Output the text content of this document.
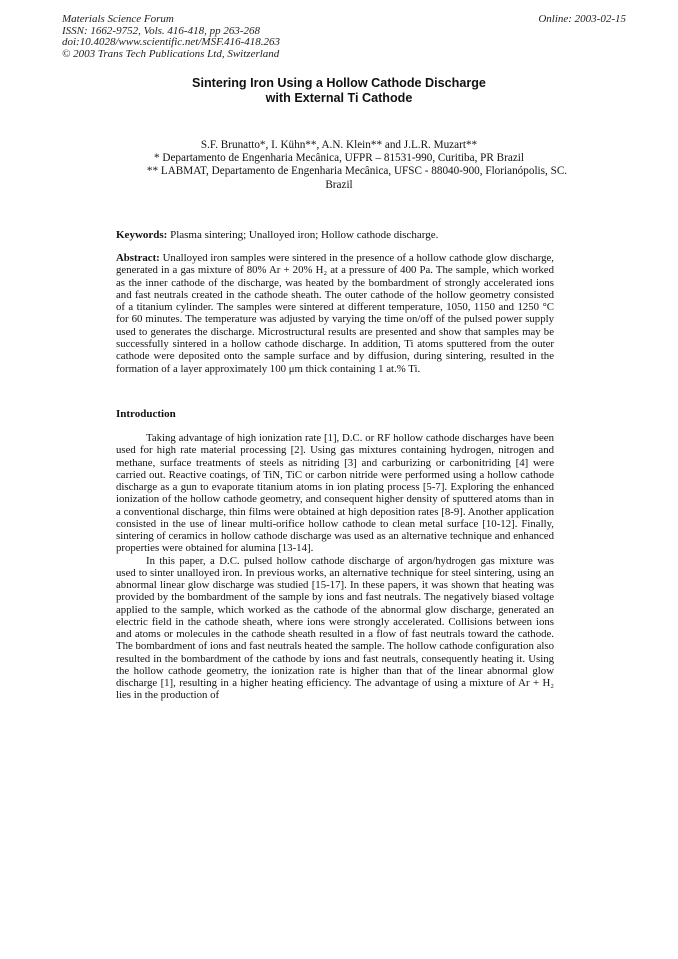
Materials Science Forum
ISSN: 1662-9752, Vols. 416-418, pp 263-268
doi:10.4028/www.scientific.net/MSF.416-418.263
© 2003 Trans Tech Publications Ltd, Switzerland
Online: 2003-02-15
Sintering Iron Using a Hollow Cathode Discharge
with External Ti Cathode
S.F. Brunatto*, I. Kühn**, A.N. Klein** and J.L.R. Muzart**
* Departamento de Engenharia Mecânica, UFPR – 81531-990, Curitiba, PR Brazil
** LABMAT, Departamento de Engenharia Mecânica, UFSC - 88040-900, Florianópolis, SC.
Brazil
Keywords: Plasma sintering; Unalloyed iron; Hollow cathode discharge.
Abstract: Unalloyed iron samples were sintered in the presence of a hollow cathode glow discharge, generated in a gas mixture of 80% Ar + 20% H₂ at a pressure of 400 Pa. The sample, which worked as the inner cathode of the discharge, was heated by the bombardment of strongly accelerated ions and fast neutrals created in the cathode sheath. The outer cathode of the hollow geometry consisted of a titanium cylinder. The samples were sintered at different temperature, 1050, 1150 and 1250 °C for 60 minutes. The temperature was adjusted by varying the time on/off of the pulsed power supply used to generates the discharge. Microstructural results are presented and show that samples may be successfully sintered in a hollow cathode discharge. In addition, Ti atoms sputtered from the outer cathode were deposited onto the sample surface and by diffusion, during sintering, resulted in the formation of a layer approximately 100 μm thick containing 1 at.% Ti.
Introduction

Taking advantage of high ionization rate [1], D.C. or RF hollow cathode discharges have been used for high rate material processing [2]. Using gas mixtures containing hydrogen, nitrogen and methane, surface treatments of steels as nitriding [3] and carburizing or carbonitriding [4] were carried out. Reactive coatings, of TiN, TiC or carbon nitride were performed using a hollow cathode discharge as a gun to evaporate titanium atoms in ion plating process [5-7]. Exploring the enhanced ionization of the hollow cathode geometry, and consequent higher density of sputtered atoms than in a conventional discharge, thin films were obtained at high deposition rates [8-9]. Another application consisted in the use of linear multi-orifice hollow cathode to clean metal surface [10-12]. Finally, sintering of ceramics in hollow cathode discharge was used as an alternative technique and enhanced properties were obtained for alumina [13-14].

In this paper, a D.C. pulsed hollow cathode discharge of argon/hydrogen gas mixture was used to sinter unalloyed iron. In previous works, an alternative technique for steel sintering, using an abnormal linear glow discharge was studied [15-17]. In these papers, it was shown that heating was provided by the bombardment of the sample by ions and fast neutrals. The negatively biased voltage applied to the sample, which worked as the cathode of the abnormal glow discharge, generated an electric field in the cathode sheath, where ions were strongly accelerated. Collisions between ions and atoms or molecules in the cathode sheath resulted in a flow of fast neutrals toward the cathode. The bombardment of ions and fast neutrals heated the sample. The hollow cathode configuration also resulted in the bombardment of the cathode by ions and fast neutrals, consequently heating it. Using the hollow cathode geometry, the ionization rate is higher than that of the linear abnormal glow discharge [1], resulting in a higher heating efficiency. The advantage of using a mixture of Ar + H₂ lies in the production of
